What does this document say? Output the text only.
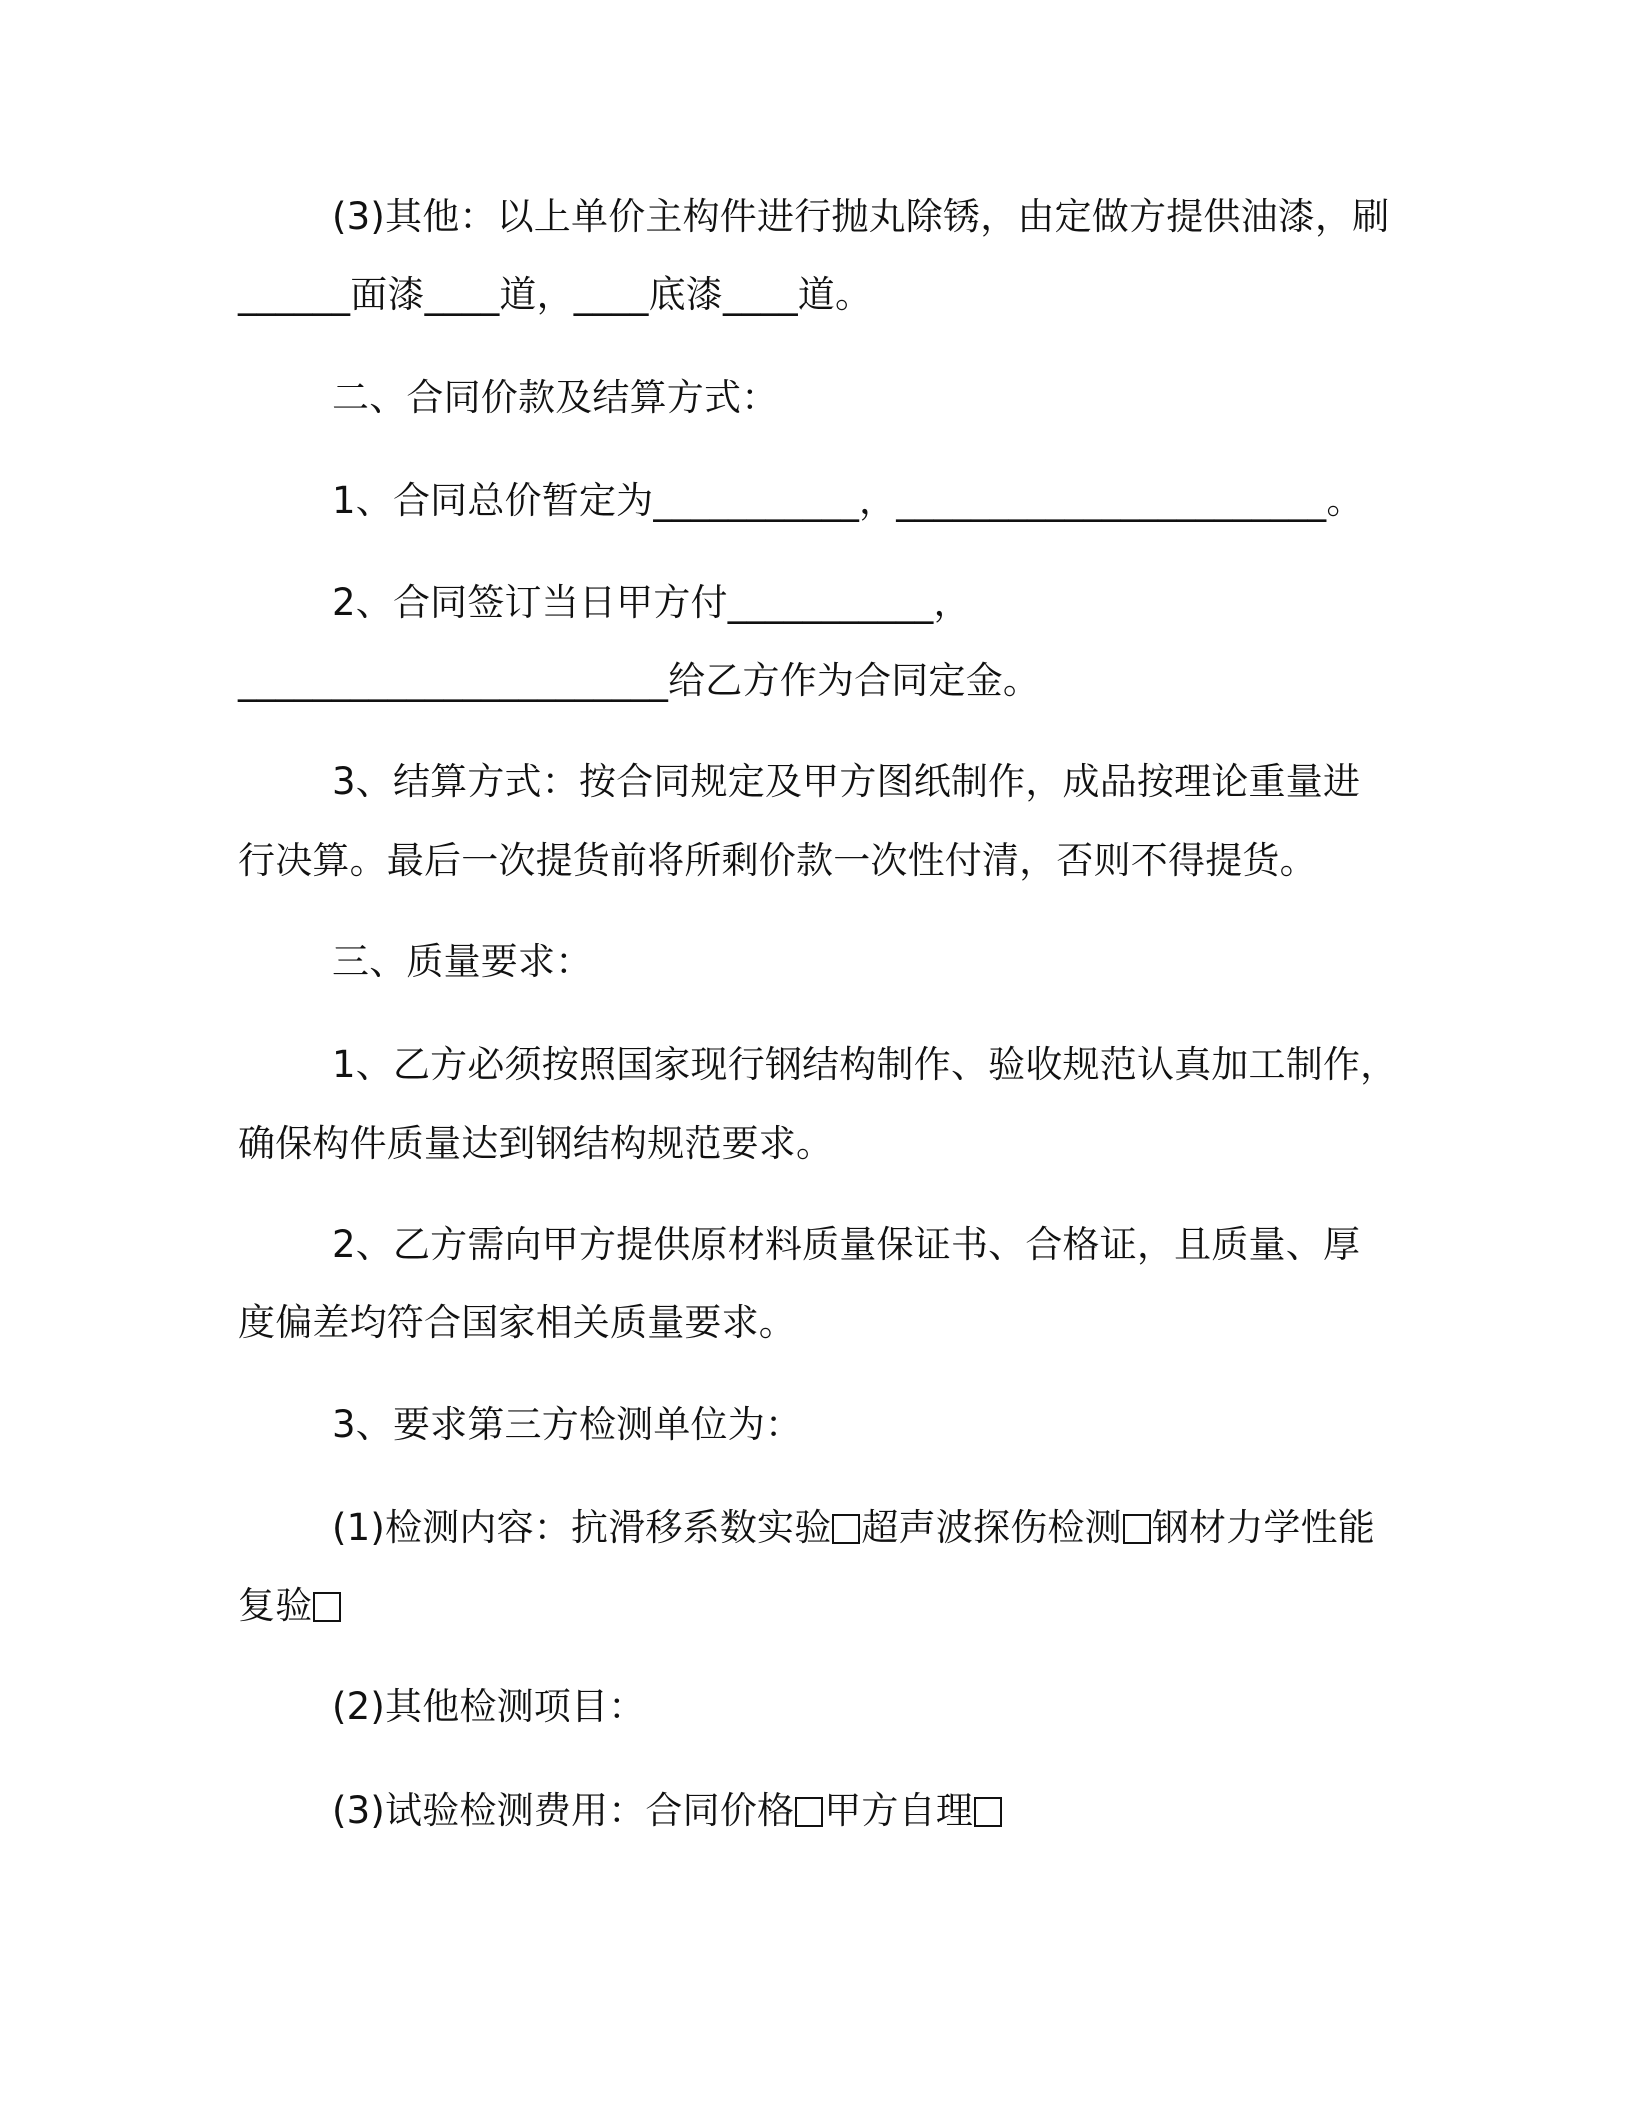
(3)其他：以上单价主构件进行抛丸除锈，由定做方提供油漆，刷

______面漆____道，____底漆____道。

二、合同价款及结算方式：

1、合同总价暂定为___________，_______________________。

2、合同签订当日甲方付___________，

_______________________给乙方作为合同定金。

3、结算方式：按合同规定及甲方图纸制作，成品按理论重量进

行决算。最后一次提货前将所剩价款一次性付清，否则不得提货。

三、质量要求：

1、乙方必须按照国家现行钢结构制作、验收规范认真加工制作，

确保构件质量达到钢结构规范要求。

2、乙方需向甲方提供原材料质量保证书、合格证，且质量、厚

度偏差均符合国家相关质量要求。

3、要求第三方检测单位为：

(1)检测内容：抗滑移系数实验 超声波探伤检测 钢材力学性能

复验

(2)其他检测项目：

(3)试验检测费用：合同价格 甲方自理
